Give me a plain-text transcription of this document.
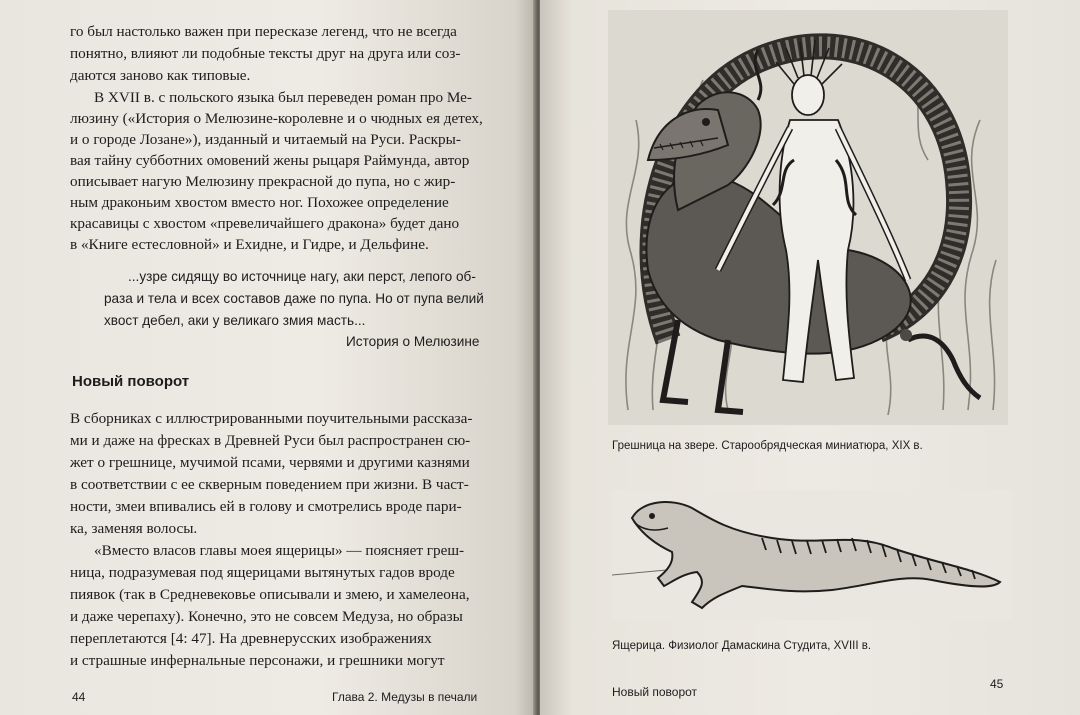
го был настолько важен при пересказе легенд, что не всегда
понятно, влияют ли подобные тексты друг на друга или соз-
даются заново как типовые.
В XVII в. с польского языка был переведен роман про Ме-
люзину («История о Мелюзине-королевне и о чюдных ея детех,
и о городе Лозане»), изданный и читаемый на Руси. Раскры-
вая тайну субботних омовений жены рыцаря Раймунда, автор
описывает нагую Мелюзину прекрасной до пупа, но с жир-
ным драконьим хвостом вместо ног. Похожее определение
красавицы с хвостом «превеличайшего дракона» будет дано
в «Книге естесловной» и Ехидне, и Гидре, и Дельфине.
...узре сидящу во источнице нагу, аки перст, лепого об-
раза и тела и всех составов даже по пупа. Но от пупа велий
хвост дебел, аки у великаго змия масть...
История о Мелюзине
Новый поворот
В сборниках с иллюстрированными поучительными рассказа-
ми и даже на фресках в Древней Руси был распространен сю-
жет о грешнице, мучимой псами, червями и другими казнями
в соответствии с ее скверным поведением при жизни. В част-
ности, змеи впивались ей в голову и смотрелись вроде пари-
ка, заменяя волосы.
«Вместо власов главы моея ящерицы» — поясняет греш-
ница, подразумевая под ящерицами вытянутых гадов вроде
пиявок (так в Средневековье описывали и змею, и хамелеона,
и даже черепаху). Конечно, это не совсем Медуза, но образы
переплетаются [4: 47]. На древнерусских изображениях
и страшные инфернальные персонажи, и грешники могут
44	Глава 2. Медузы в печали
Грешница на звере. Старообрядческая миниатюра, XIX в.
Ящерица. Физиолог Дамаскина Студита, XVIII в.
Новый поворот
45
